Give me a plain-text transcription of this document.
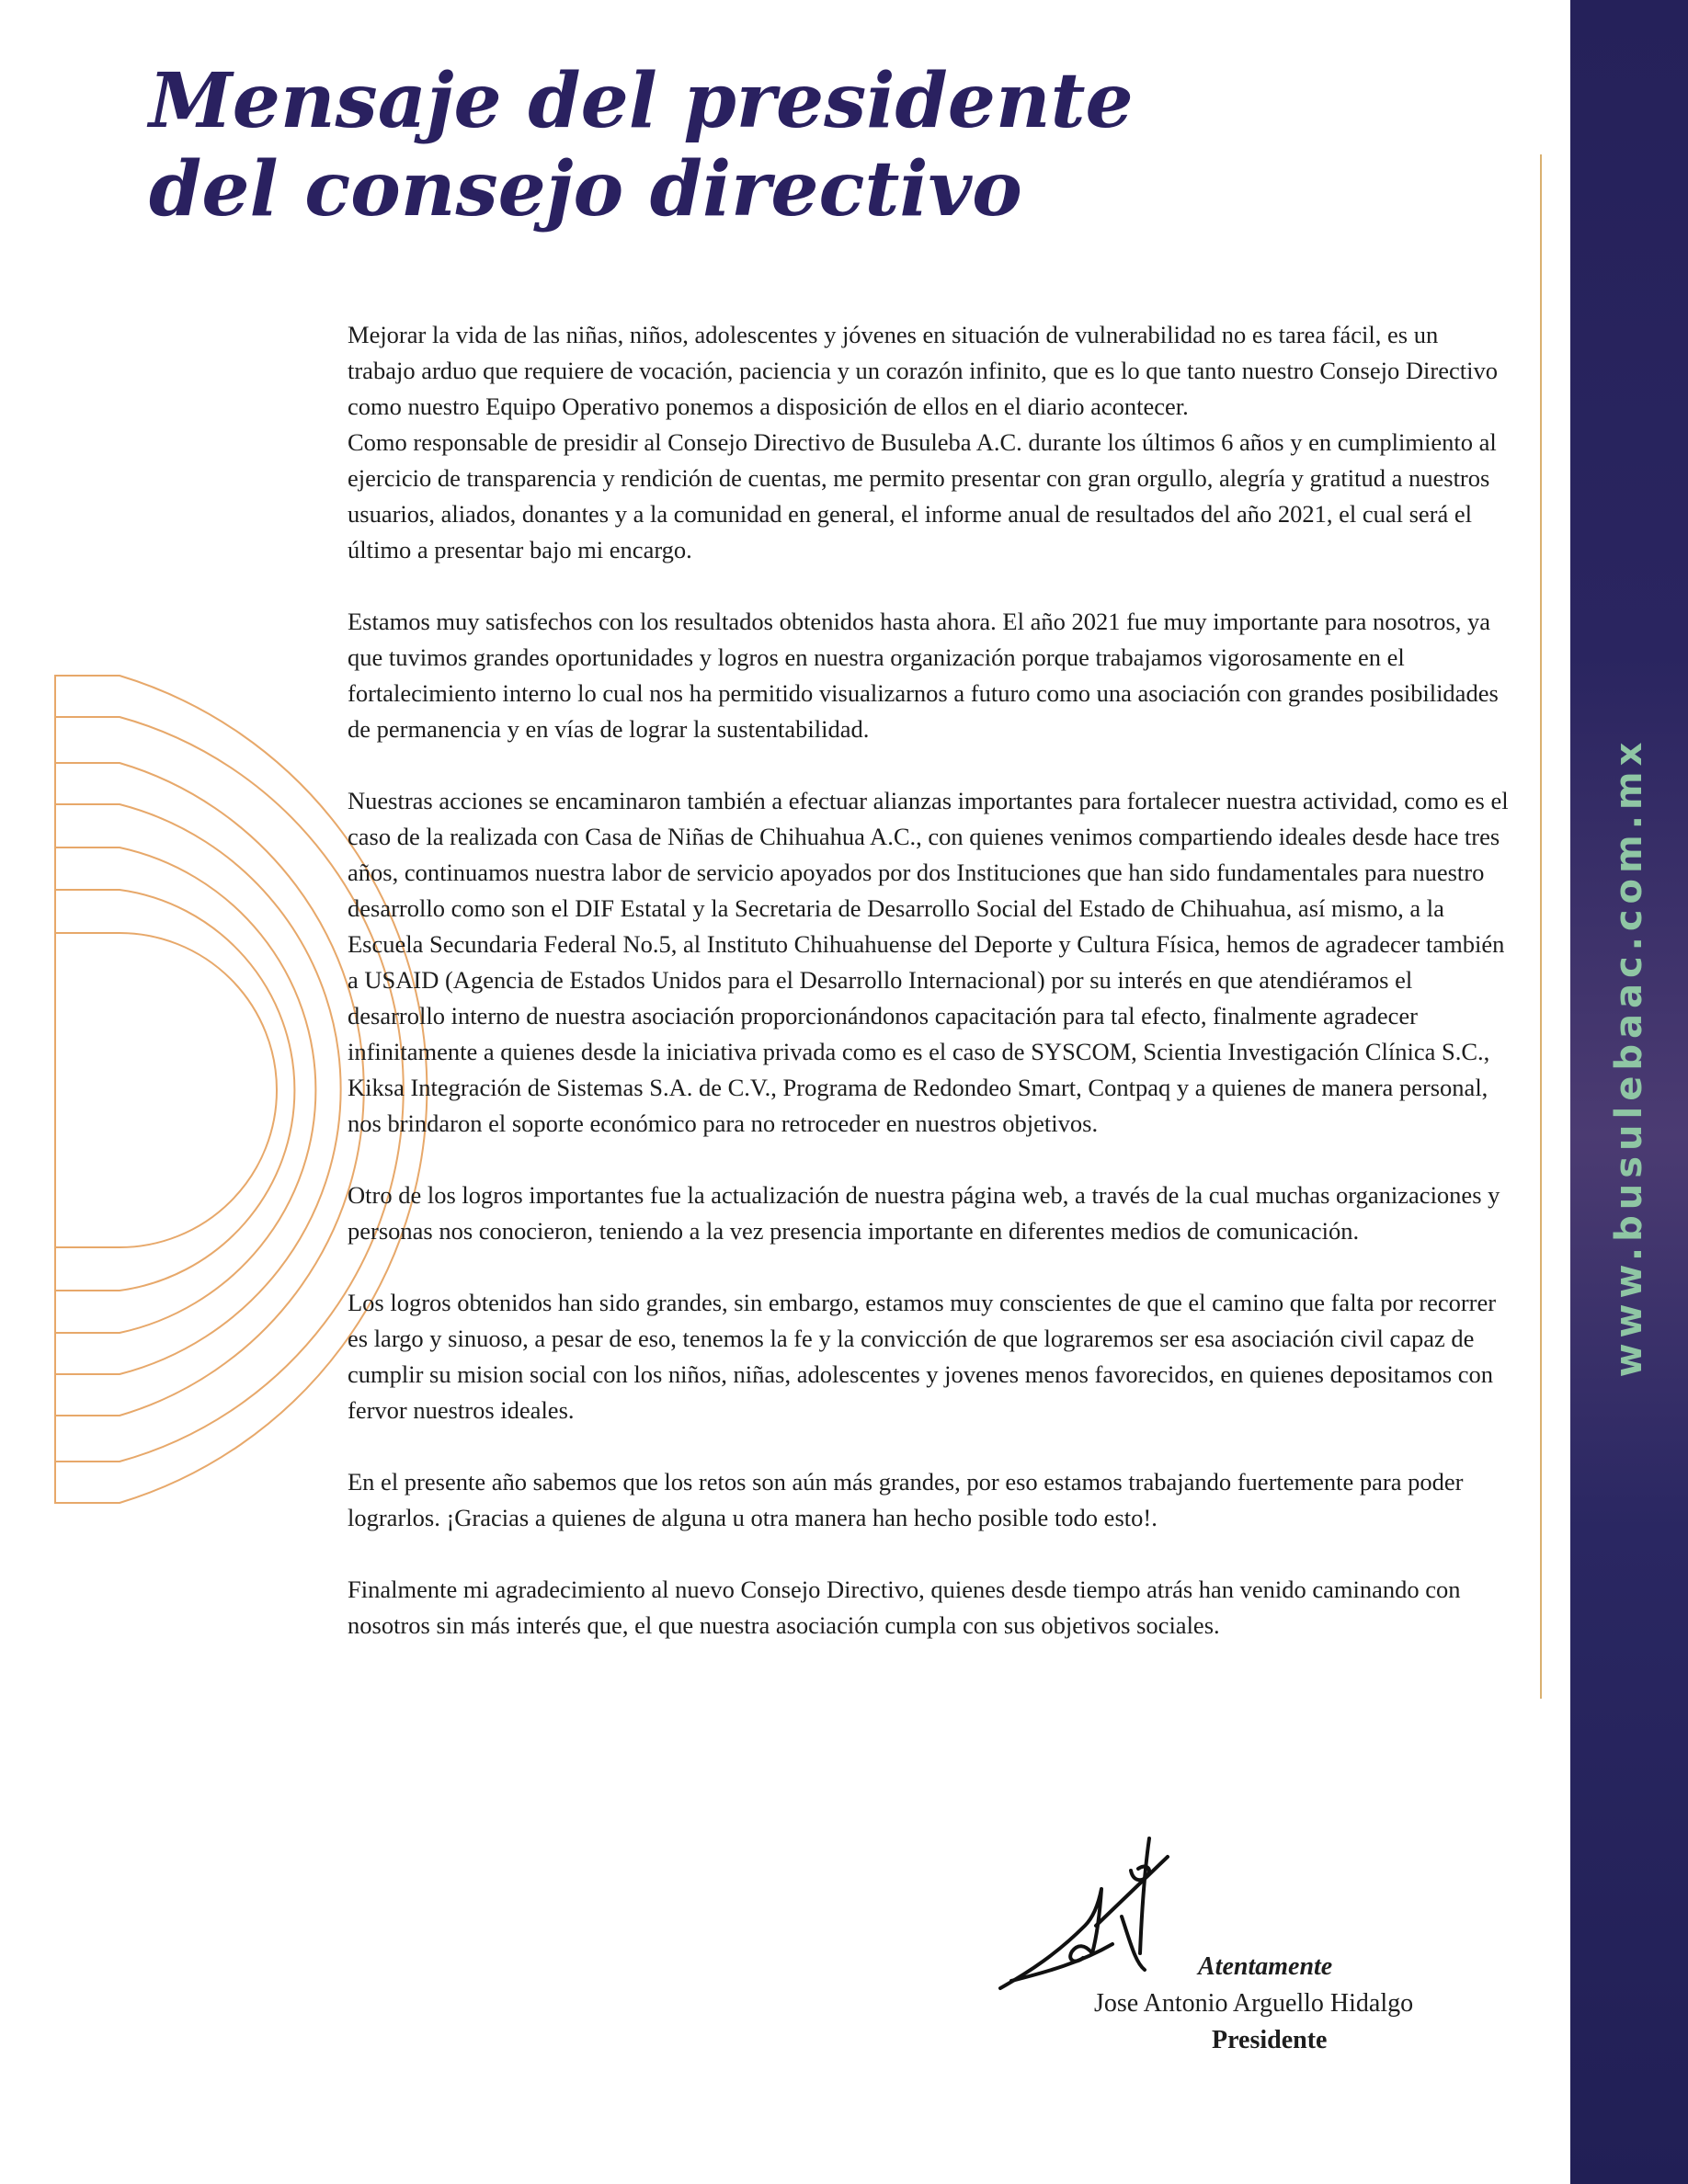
www.busulebaac.com.mx
Mensaje del presidente
del consejo directivo

Mejorar la vida de las niñas, niños, adolescentes y jóvenes en situación de vulnerabilidad no es tarea fácil, es un trabajo arduo que requiere de vocación, paciencia y un corazón infinito, que es lo que tanto nuestro Consejo Directivo como nuestro Equipo Operativo ponemos a disposición de ellos en el diario acontecer.

Como responsable de presidir al Consejo Directivo de Busuleba A.C. durante los últimos 6 años y en cumplimiento al ejercicio de transparencia y rendición de cuentas, me permito presentar con gran orgullo, alegría y gratitud a nuestros usuarios, aliados, donantes y a la comunidad en general, el informe anual de resultados del año 2021, el cual será el último a presentar bajo mi encargo.

Estamos muy satisfechos con los resultados obtenidos hasta ahora. El año 2021 fue muy importante para nosotros, ya que tuvimos grandes oportunidades y logros en nuestra organización porque trabajamos vigorosamente en el fortalecimiento interno lo cual nos ha permitido visualizarnos a futuro como una asociación con grandes posibilidades de permanencia y en vías de lograr la sustentabilidad.

Nuestras acciones se encaminaron también a efectuar alianzas importantes para fortalecer nuestra actividad, como es el caso de la realizada con Casa de Niñas de Chihuahua A.C., con quienes venimos compartiendo ideales desde hace tres años, continuamos nuestra labor de servicio apoyados por dos Instituciones que han sido fundamentales para nuestro desarrollo como son el DIF Estatal y la Secretaria de Desarrollo Social del Estado de Chihuahua, así mismo, a la Escuela Secundaria Federal No.5, al Instituto Chihuahuense del Deporte y Cultura Física, hemos de agradecer también a USAID (Agencia de Estados Unidos para el Desarrollo Internacional) por su interés en que atendiéramos el desarrollo interno de nuestra asociación proporcionándonos capacitación para tal efecto, finalmente agradecer infinitamente a quienes desde la iniciativa privada como es el caso de SYSCOM, Scientia Investigación Clínica S.C., Kiksa Integración de Sistemas S.A. de C.V., Programa de Redondeo Smart, Contpaq y a quienes de manera personal, nos brindaron el soporte económico para no retroceder en nuestros objetivos.

Otro de los logros importantes fue la actualización de nuestra página web, a través de la cual muchas organizaciones y personas nos conocieron, teniendo a la vez presencia importante en diferentes medios de comunicación.

Los logros obtenidos han sido grandes, sin embargo, estamos muy conscientes de que el camino que falta por recorrer es largo y sinuoso, a pesar de eso, tenemos la fe y la convicción de que lograremos ser esa asociación civil capaz de cumplir su mision social con los niños, niñas, adolescentes y jovenes menos favorecidos, en quienes depositamos con fervor nuestros ideales.

En el presente año sabemos que los retos son aún más grandes, por eso estamos trabajando fuertemente para poder lograrlos. ¡Gracias a quienes de alguna u otra manera han hecho posible todo esto!.

Finalmente mi agradecimiento al nuevo Consejo Directivo, quienes desde tiempo atrás han venido caminando con nosotros sin más interés que, el que nuestra asociación cumpla con sus objetivos sociales.

Atentamente
Jose Antonio Arguello Hidalgo
Presidente
